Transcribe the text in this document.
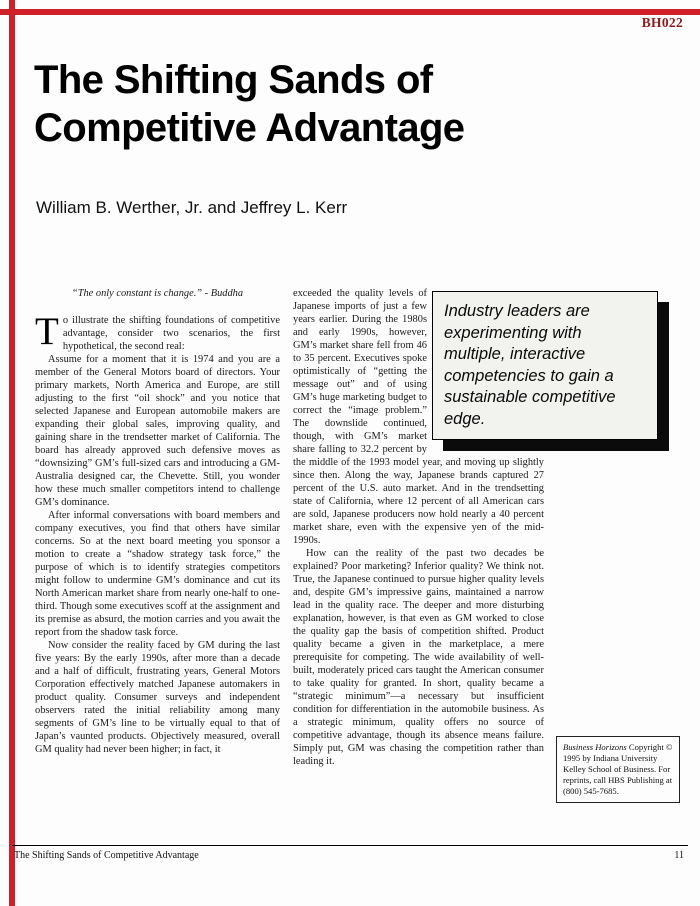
BH022
The Shifting Sands of
Competitive Advantage
William B. Werther, Jr. and Jeffrey L. Kerr

“The only constant is change.” - Buddha

To illustrate the shifting foundations of competitive advantage, consider two scenarios, the first hypothetical, the second real:

Assume for a moment that it is 1974 and you are a member of the General Motors board of directors. Your primary markets, North America and Europe, are still adjusting to the first “oil shock” and you notice that selected Japanese and European automobile makers are expanding their global sales, improving quality, and gaining share in the trendsetter market of California. The board has already approved such defensive moves as “downsizing” GM’s full-sized cars and introducing a GM-Australia designed car, the Chevette. Still, you wonder how these much smaller competitors intend to challenge GM’s dominance.

After informal conversations with board members and company executives, you find that others have similar concerns. So at the next board meeting you sponsor a motion to create a “shadow strategy task force,” the purpose of which is to identify strategies competitors might follow to undermine GM’s dominance and cut its North American market share from nearly one-half to one-third. Though some executives scoff at the assignment and its premise as absurd, the motion carries and you await the report from the shadow task force.

Now consider the reality faced by GM during the last five years: By the early 1990s, after more than a decade and a half of difficult, frustrating years, General Motors Corporation effectively matched Japanese automakers in product quality. Consumer surveys and independent observers rated the initial reliability among many segments of GM’s line to be virtually equal to that of Japan’s vaunted products. Objectively measured, overall GM quality had never been higher; in fact, it

exceeded the quality levels of Japanese imports of just a few years earlier. During the 1980s and early 1990s, however, GM’s market share fell from 46 to 35 percent. Executives spoke optimistically of “getting the message out” and of using GM’s huge marketing budget to correct the “image problem.” The downslide continued, though, with GM’s market share falling to 32.2 percent by the middle of the 1993 model year, and moving up slightly since then. Along the way, Japanese brands captured 27 percent of the U.S. auto market. And in the trendsetting state of California, where 12 percent of all American cars are sold, Japanese producers now hold nearly a 40 percent market share, even with the expensive yen of the mid-1990s.

How can the reality of the past two decades be explained? Poor marketing? Inferior quality? We think not. True, the Japanese continued to pursue higher quality levels and, despite GM’s impressive gains, maintained a narrow lead in the quality race. The deeper and more disturbing explanation, however, is that even as GM worked to close the quality gap the basis of competition shifted. Product quality became a given in the marketplace, a mere prerequisite for competing. The wide availability of well-built, moderately priced cars taught the American consumer to take quality for granted. In short, quality became a “strategic minimum”—a necessary but insufficient condition for differentiation in the automobile business. As a strategic minimum, quality offers no source of competitive advantage, though its absence means failure. Simply put, GM was chasing the competition rather than leading it.

Industry leaders are experimenting with multiple, interactive competencies to gain a sustainable competitive edge.
Business Horizons Copyright © 1995 by Indiana University Kelley School of Business. For reprints, call HBS Publishing at (800) 545-7685.
The Shifting Sands of Competitive Advantage	11
